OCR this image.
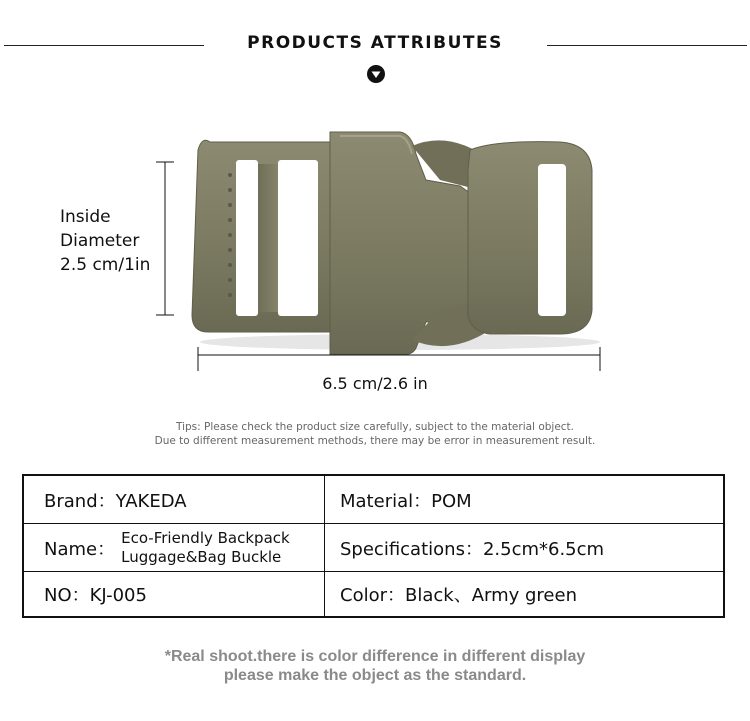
PRODUCTS ATTRIBUTES
Inside
Diameter
2.5 cm/1in
6.5 cm/2.6 in
Tips: Please check the product size carefully, subject to the material object.
Due to different measurement methods, there may be error in measurement result.
Brand：YAKEDA	Material：POM
Name：
Eco-Friendly Backpack
Luggage&Bag Buckle	Specifications：2.5cm*6.5cm
NO：KJ-005	Color：Black、Army green
*Real shoot.there is color difference in different display
please make the object as the standard.
